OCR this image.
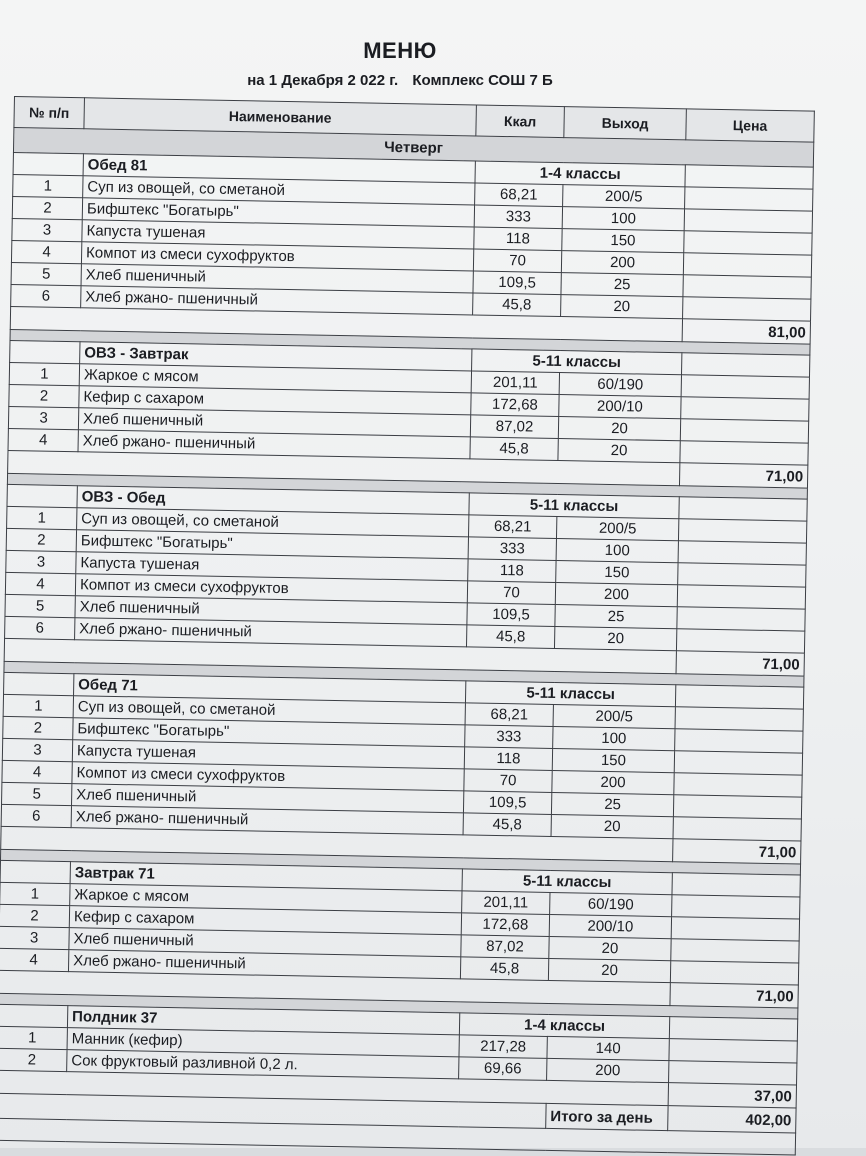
МЕНЮ
на 1 Декабря 2 022 г. Комплекс СОШ 7 Б
№ п/п	Наименование	Ккал	Выход	Цена
Четверг				
	Обед 81	1-4 классы		
1	Суп из овощей, со сметаной	68,21	200/5	
2	Бифштекс "Богатырь"	333	100	
3	Капуста тушеная	118	150	
4	Компот из смеси сухофруктов	70	200	
5	Хлеб пшеничный	109,5	25	
6	Хлеб ржано- пшеничный	45,8	20	
				81,00

	ОВЗ - Завтрак	5-11 классы		
1	Жаркое с мясом	201,11	60/190	
2	Кефир с сахаром	172,68	200/10	
3	Хлеб пшеничный	87,02	20	
4	Хлеб ржано- пшеничный	45,8	20	
				71,00

	ОВЗ - Обед	5-11 классы		
1	Суп из овощей, со сметаной	68,21	200/5	
2	Бифштекс "Богатырь"	333	100	
3	Капуста тушеная	118	150	
4	Компот из смеси сухофруктов	70	200	
5	Хлеб пшеничный	109,5	25	
6	Хлеб ржано- пшеничный	45,8	20	
				71,00

	Обед 71	5-11 классы		
1	Суп из овощей, со сметаной	68,21	200/5	
2	Бифштекс "Богатырь"	333	100	
3	Капуста тушеная	118	150	
4	Компот из смеси сухофруктов	70	200	
5	Хлеб пшеничный	109,5	25	
6	Хлеб ржано- пшеничный	45,8	20	
				71,00

	Завтрак 71	5-11 классы		
1	Жаркое с мясом	201,11	60/190	
2	Кефир с сахаром	172,68	200/10	
3	Хлеб пшеничный	87,02	20	
4	Хлеб ржано- пшеничный	45,8	20	
				71,00

	Полдник 37	1-4 классы		
1	Манник (кефир)	217,28	140	
2	Сок фруктовый разливной 0,2 л.	69,66	200	
				37,00
			Итого за день	402,00
